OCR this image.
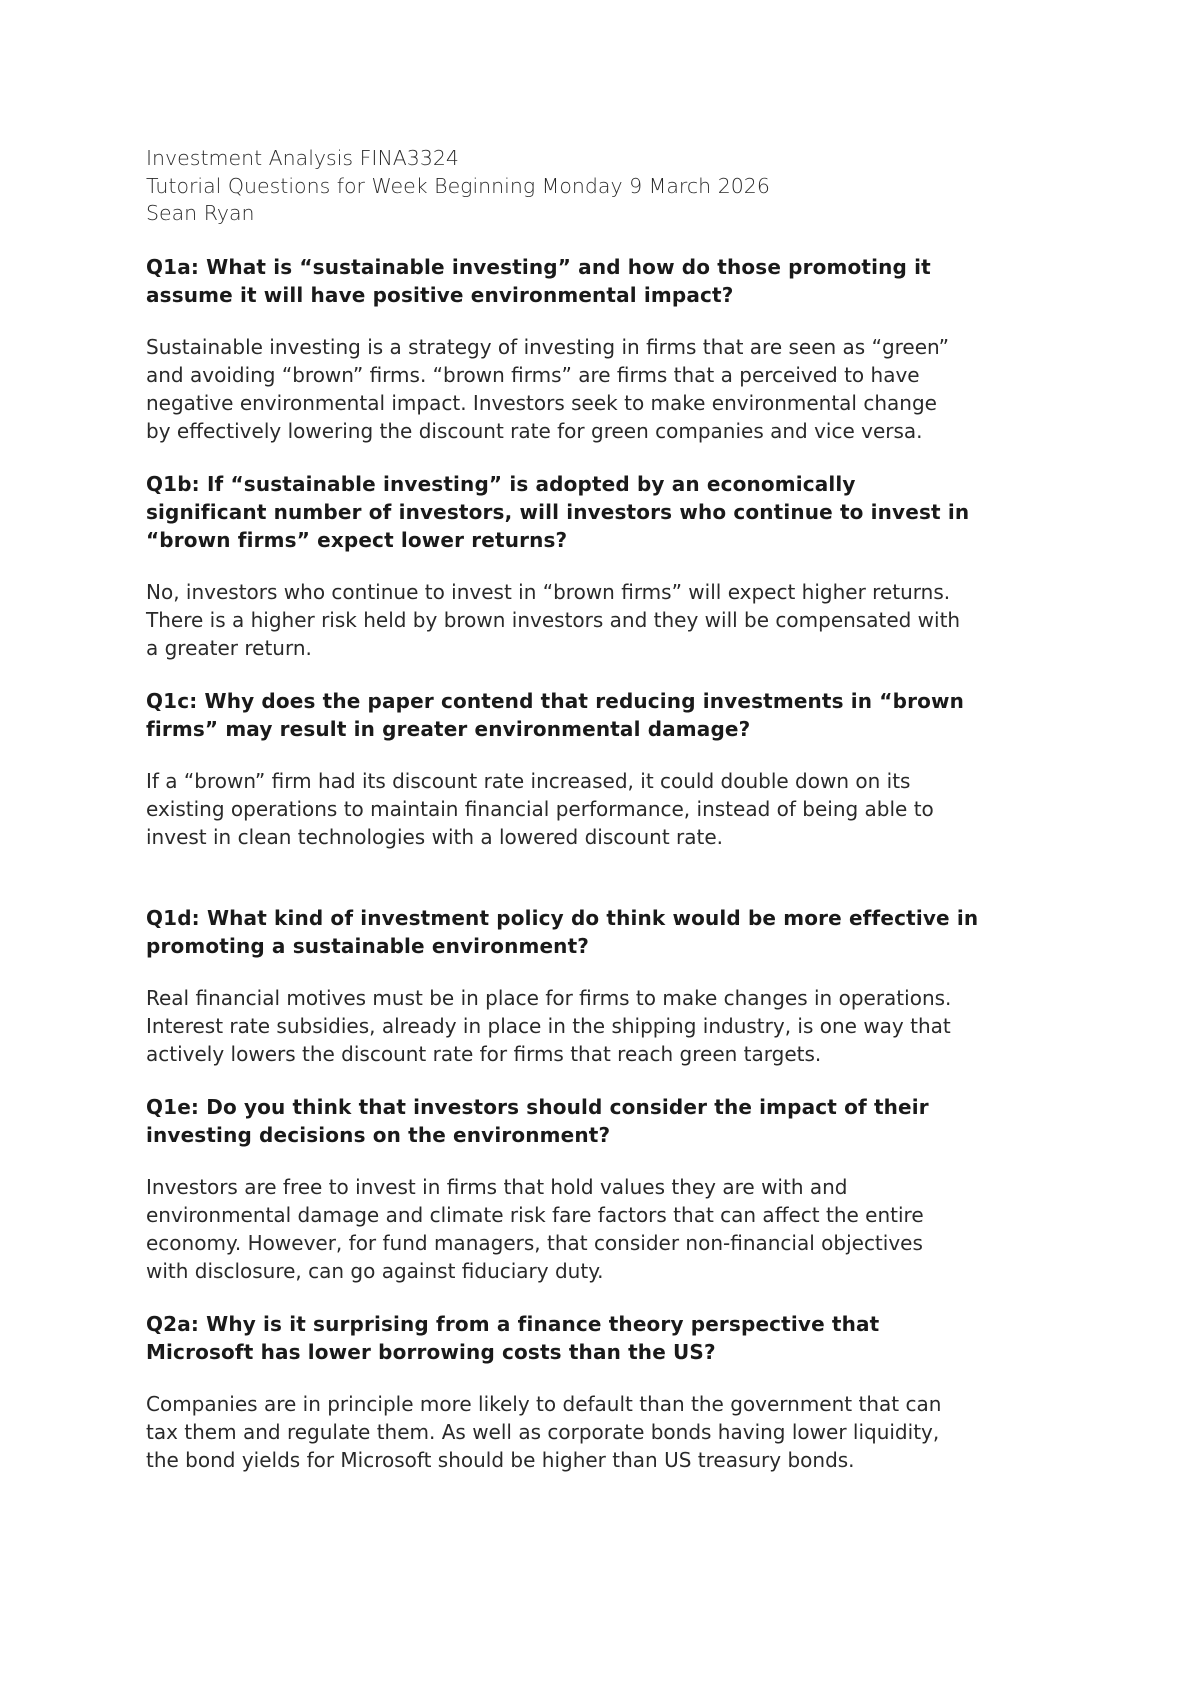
Investment Analysis FINA3324

Tutorial Questions for Week Beginning Monday 9 March 2026

Sean Ryan

Q1a: What is “sustainable investing” and how do those promoting it
assume it will have positive environmental impact?
Sustainable investing is a strategy of investing in firms that are seen as “green”
and avoiding “brown” firms. “brown firms” are firms that a perceived to have
negative environmental impact. Investors seek to make environmental change
by effectively lowering the discount rate for green companies and vice versa.
Q1b: If “sustainable investing” is adopted by an economically
significant number of investors, will investors who continue to invest in
“brown firms” expect lower returns?
No, investors who continue to invest in “brown firms” will expect higher returns.
There is a higher risk held by brown investors and they will be compensated with
a greater return.
Q1c: Why does the paper contend that reducing investments in “brown
firms” may result in greater environmental damage?
If a “brown” firm had its discount rate increased, it could double down on its
existing operations to maintain financial performance, instead of being able to
invest in clean technologies with a lowered discount rate.
Q1d: What kind of investment policy do think would be more effective in
promoting a sustainable environment?
Real financial motives must be in place for firms to make changes in operations.
Interest rate subsidies, already in place in the shipping industry, is one way that
actively lowers the discount rate for firms that reach green targets.
Q1e: Do you think that investors should consider the impact of their
investing decisions on the environment?
Investors are free to invest in firms that hold values they are with and
environmental damage and climate risk fare factors that can affect the entire
economy. However, for fund managers, that consider non-financial objectives
with disclosure, can go against fiduciary duty.
Q2a: Why is it surprising from a finance theory perspective that
Microsoft has lower borrowing costs than the US?
Companies are in principle more likely to default than the government that can
tax them and regulate them. As well as corporate bonds having lower liquidity,
the bond yields for Microsoft should be higher than US treasury bonds.
